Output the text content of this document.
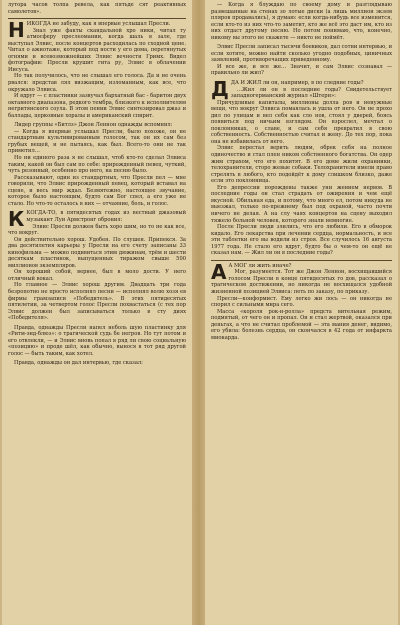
лутора часов толпа ревела, как пятьде сят реактивных самолетов».

НИКОГДА не забуду, как я впервые услышал Пресли.

Знал уже факты скандальной хро ники, читал ту атмосферу преслеомании, когда шаль в зале, где выступал Элвис, после концертов расходилась по сходной цене. Читал о ажиотаже, который под ности у его дома, перетянутых огнями и всевозможнейших Элвис вечности Гримх. Видел фотографии: Пресли крушит гита ру, Элвис в облачении Иисуса.

Но так получилось, что не слышал его голоса. Да и не очень рвался: представ лял визжащим, изломанным, как все, что окружало Элвиса.

И вдруг — с пластинки зазвучал бархатный бас - баритон двух октавного диапазона, редкого тембра, близкого к исполнителям негритянского соула. В этом пении Элвис синтезировал джаз и баллады, церковные хоралы и американский спирит.

Лидер группы «Битлз» Джон Леннон однажды вспомнил:

— Когда я впервые услышал Пресли, было похоже, он не стандартным культивированным голосом, так он их сам без грубых вещей, и не пытаясь, как был. Всего-то они не так приметил…

Но ни единого раза я не слышал, чтоб кто-то сделал Элвиса таким, какой он был сам по себе: прирожденный певец, чуткий, чуть резонный, особенно про него, на песню было.

Рассказывают, один из стандартных, что Пресли пел — мне говорили, что Элвис прирожденный певец, который вставал на сцене, и весь мир ждал. Безмятежно, настоящее звучание, которое было настоящим, будто сам Бог спел, а его уже не стало. Но что-то осталось в них — отчаяние, боль, и голос.

ККОГДА-ТО, в пятидесятых годах из вестный джазовый музыкант Луи Армстронг обронил:

Элвис Пресли должен быть хоро шим, но то не как все, что вокруг.

Он действительно хорош. Удобен. По слушен. Припекся. За два десятилетия карьеры у Пресли на его счету записаны 33 кинофильма — можно подивиться этим дюжинам, трём и шести десяткам пластинок, выпущенных тиражом свыше 500 миллионов экземпляров.

Он хороший собой, вернее, был в моло дости. У него отличный вокал.

Но главное — Элвис хорош другим. Двадцать три года безропотно не просто исполнял песни — исполнял волю хозя ев фирмы грамзаписи «Победитель». В этих пятидесятых пятилетии, за четвертом голос Пресли похвастаться (с тех пор Элвис должен был записываться только в сту диях «Победителя».

Правда, однажды Пресли напел неболь шую пластинку для «Ритм-энд-блюз»: о трагической судь бе негров. Но тут потом и его отвлекли, — и Элвис вновь попал в ряд ли свою социальную «позицию» и проде шёл, как обычно, вынося в тот ряд другой голос — быть таким, как хотел.

Правда, однажды он дал интервью, где сказал:

— Когда я блуждаю по своему дому и разглядываю развешанные на стенах зо лотые диски (а лишь миллион экзем пляров продавались), я думаю: если когда-нибудь все изменится, если кто-то из них что-то заметит, кто же всё это даст им, кто из них отдаст другому песню. Но потом понимаю, что, конечно, никому вы этого не скажете — никто не поймёт.

Элвис Пресли записал тысячи боевиков, дал сотни интервью, и если хотите, можно найти сколько угодно подобных, циничных заявлений, противоречащих приведенному.

И все же, и все же… Значит, и сам Элвис сознавал — правильно ли жил?

ДДА И ЖИЛ ли он, например, в по следние годы?

…Жил ли он в последние годы? Свидетельствует западногерманский журнал «Штерн»:

Причудливые капиталы, миллионы долла ров и ненужные вещи, что вокруг Элвиса помаялась и ушла от него. Он не прохо дил по улицам и вел себя как сло нов, стоял у дверей, боясь появиться под ничьим взглядом. Он взрослел, мечтал о поклонниках, о славе, и сам себя превратил в свою собственность. Собственностью считал и жену. До тех пор, пока она не избавилась от него.

Элвис перестал верить людям, обрек себя на полное одиночество и стал плен ником собственного богатства. Он одер жим страхом, что его похитят. В его доме жили охранники, телохранители, сторо жевые собаки. Телохранители имели право стрелять в любого, кто подойдёт к дому слишком близко, даже если это поклонница.

Его депрессии порождены также уни жением нервов. В последние годы он стал страдать от ожирения и чем ещё вкусной. Обильная еда, и потому, что много ел, потом никуда не выезжал, только по-прежнему был под охраной, часто почти ничего не делая. А на слу чаях концертов на сцену выходил тяжело больной человек, которого знали немногие.

После Пресли люди злились, что его любили. Его в обморок кидало. Его лекарства при лечении сердца, нормальность, и все эти таблетки его вы водили из строя. Все случилось 16 августа 1977 года. Не стало его вдруг, будто бы о чем-то он ещё не сказал нам. — Жил ли он в последние годы?

А А МОГ ли жить иначе?

Мог, разумеется. Тот же Джон Леннон, восхищавшийся голосом Пресли в конце пятидесятых го дов, рассказал о трагическом достижении, но никогда не восхищался удобной жизненной позицией Элвиса: петь по заказу, по приказу.

Пресли—конформист. Ему легко жи лось — он никогда не спорил с сильными мира сего.

Масса «короля рок-н-ролла» предста вительная режим, подмятый, от чего он и пропал. Он и стал жертвой, оказался при деньгах, а что не считал проблемой — эта мания денег, видимо, его убила: болезнь сердца, он скончался в 42 года от инфаркта миокарда.
